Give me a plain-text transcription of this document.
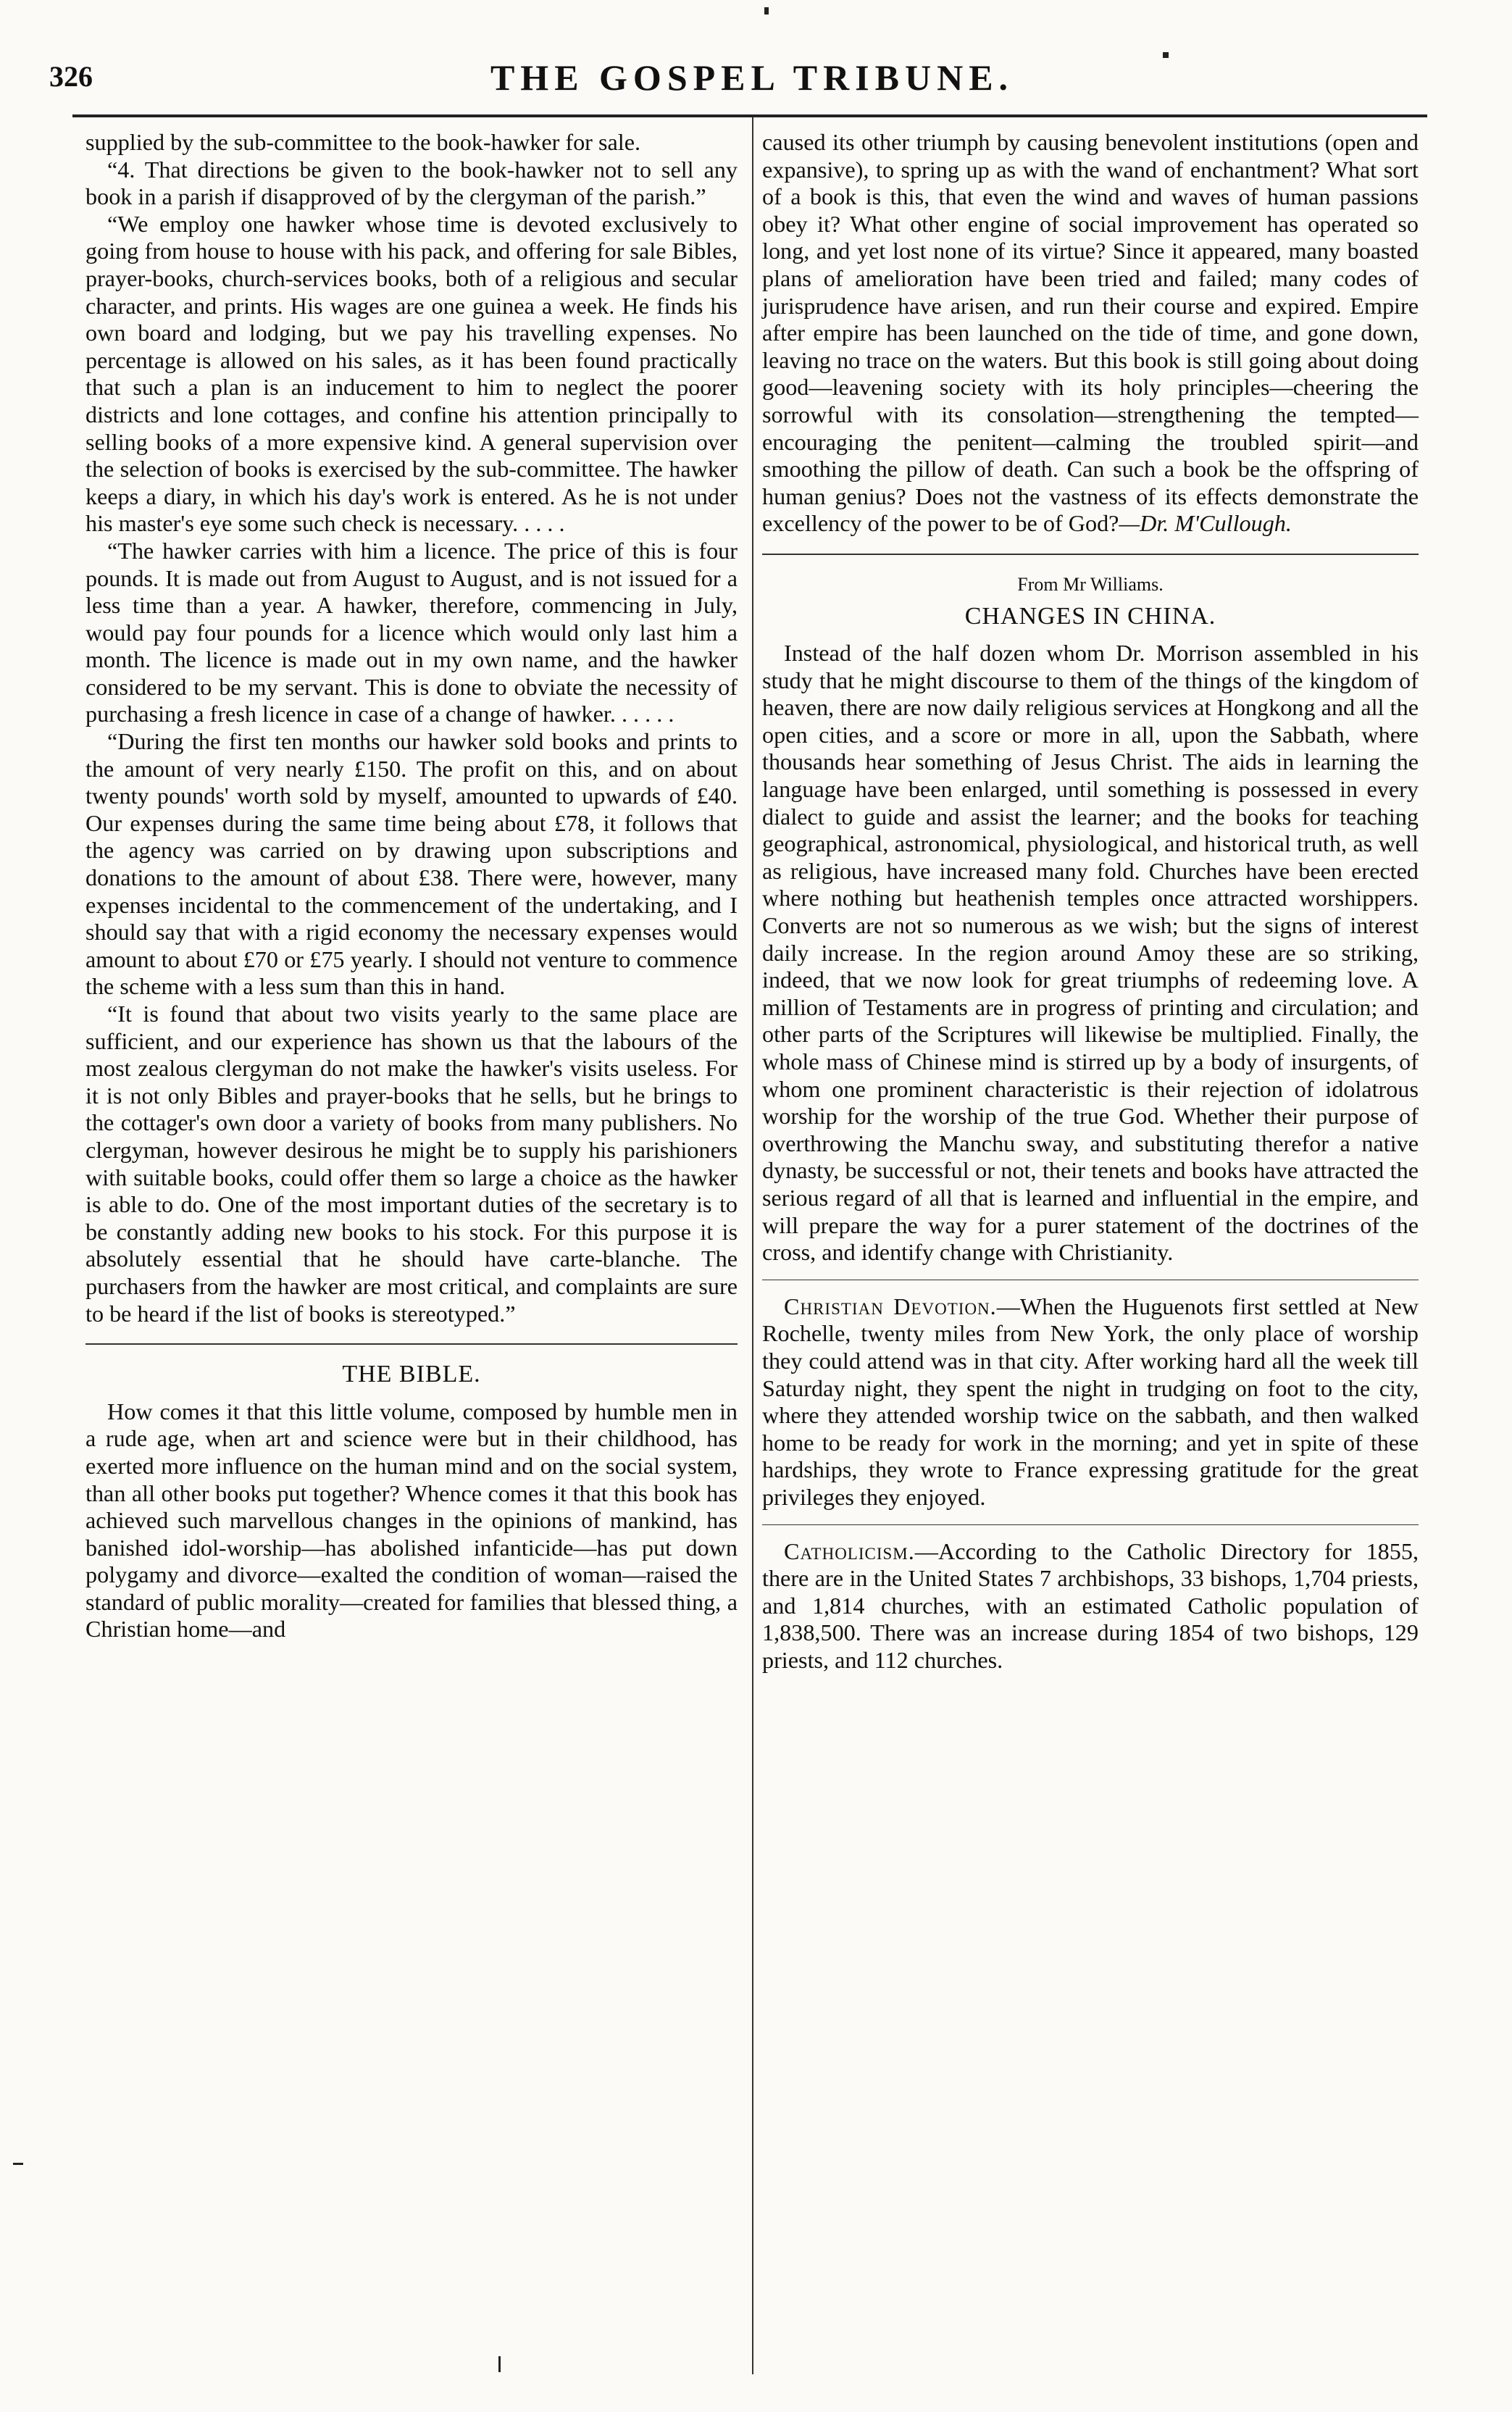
326	THE GOSPEL TRIBUNE.

supplied by the sub-committee to the book-hawker for sale.

“4. That directions be given to the book-hawker not to sell any book in a parish if disapproved of by the clergyman of the parish.”

“We employ one hawker whose time is devoted exclusively to going from house to house with his pack, and offering for sale Bibles, prayer-books, church-services books, both of a religious and secular character, and prints. His wages are one guinea a week. He finds his own board and lodging, but we pay his travelling expenses. No percentage is allowed on his sales, as it has been found practically that such a plan is an inducement to him to neglect the poorer districts and lone cottages, and confine his attention principally to selling books of a more expensive kind. A general supervision over the selection of books is exercised by the sub-committee. The hawker keeps a diary, in which his day's work is entered. As he is not under his master's eye some such check is necessary. . . . .

“The hawker carries with him a licence. The price of this is four pounds. It is made out from August to August, and is not issued for a less time than a year. A hawker, therefore, commencing in July, would pay four pounds for a licence which would only last him a month. The licence is made out in my own name, and the hawker considered to be my servant. This is done to obviate the necessity of purchasing a fresh licence in case of a change of hawker. . . . . .

“During the first ten months our hawker sold books and prints to the amount of very nearly £150. The profit on this, and on about twenty pounds' worth sold by myself, amounted to upwards of £40. Our expenses during the same time being about £78, it follows that the agency was carried on by drawing upon subscriptions and donations to the amount of about £38. There were, however, many expenses incidental to the commencement of the undertaking, and I should say that with a rigid economy the necessary expenses would amount to about £70 or £75 yearly. I should not venture to commence the scheme with a less sum than this in hand.

“It is found that about two visits yearly to the same place are sufficient, and our experience has shown us that the labours of the most zealous clergyman do not make the hawker's visits useless. For it is not only Bibles and prayer-books that he sells, but he brings to the cottager's own door a variety of books from many publishers. No clergyman, however desirous he might be to supply his parishioners with suitable books, could offer them so large a choice as the hawker is able to do. One of the most important duties of the secretary is to be constantly adding new books to his stock. For this purpose it is absolutely essential that he should have carte-blanche. The purchasers from the hawker are most critical, and complaints are sure to be heard if the list of books is stereotyped.”

THE BIBLE.

How comes it that this little volume, composed by humble men in a rude age, when art and science were but in their childhood, has exerted more influence on the human mind and on the social system, than all other books put together? Whence comes it that this book has achieved such marvellous changes in the opinions of mankind, has banished idol-worship—has abolished infanticide—has put down polygamy and divorce—exalted the condition of woman—raised the standard of public morality—created for families that blessed thing, a Christian home—and

caused its other triumph by causing benevolent institutions (open and expansive), to spring up as with the wand of enchantment? What sort of a book is this, that even the wind and waves of human passions obey it? What other engine of social improvement has operated so long, and yet lost none of its virtue? Since it appeared, many boasted plans of amelioration have been tried and failed; many codes of jurisprudence have arisen, and run their course and expired. Empire after empire has been launched on the tide of time, and gone down, leaving no trace on the waters. But this book is still going about doing good—leavening society with its holy principles—cheering the sorrowful with its consolation—strengthening the tempted—encouraging the penitent—calming the troubled spirit—and smoothing the pillow of death. Can such a book be the offspring of human genius? Does not the vastness of its effects demonstrate the excellency of the power to be of God?—Dr. M'Cullough.

From Mr Williams.
CHANGES IN CHINA.

Instead of the half dozen whom Dr. Morrison assembled in his study that he might discourse to them of the things of the kingdom of heaven, there are now daily religious services at Hongkong and all the open cities, and a score or more in all, upon the Sabbath, where thousands hear something of Jesus Christ. The aids in learning the language have been enlarged, until something is possessed in every dialect to guide and assist the learner; and the books for teaching geographical, astronomical, physiological, and historical truth, as well as religious, have increased many fold. Churches have been erected where nothing but heathenish temples once attracted worshippers. Converts are not so numerous as we wish; but the signs of interest daily increase. In the region around Amoy these are so striking, indeed, that we now look for great triumphs of redeeming love. A million of Testaments are in progress of printing and circulation; and other parts of the Scriptures will likewise be multiplied. Finally, the whole mass of Chinese mind is stirred up by a body of insurgents, of whom one prominent characteristic is their rejection of idolatrous worship for the worship of the true God. Whether their purpose of overthrowing the Manchu sway, and substituting therefor a native dynasty, be successful or not, their tenets and books have attracted the serious regard of all that is learned and influential in the empire, and will prepare the way for a purer statement of the doctrines of the cross, and identify change with Christianity.

Christian Devotion.—When the Huguenots first settled at New Rochelle, twenty miles from New York, the only place of worship they could attend was in that city. After working hard all the week till Saturday night, they spent the night in trudging on foot to the city, where they attended worship twice on the sabbath, and then walked home to be ready for work in the morning; and yet in spite of these hardships, they wrote to France expressing gratitude for the great privileges they enjoyed.

Catholicism.—According to the Catholic Directory for 1855, there are in the United States 7 archbishops, 33 bishops, 1,704 priests, and 1,814 churches, with an estimated Catholic population of 1,838,500. There was an increase during 1854 of two bishops, 129 priests, and 112 churches.
